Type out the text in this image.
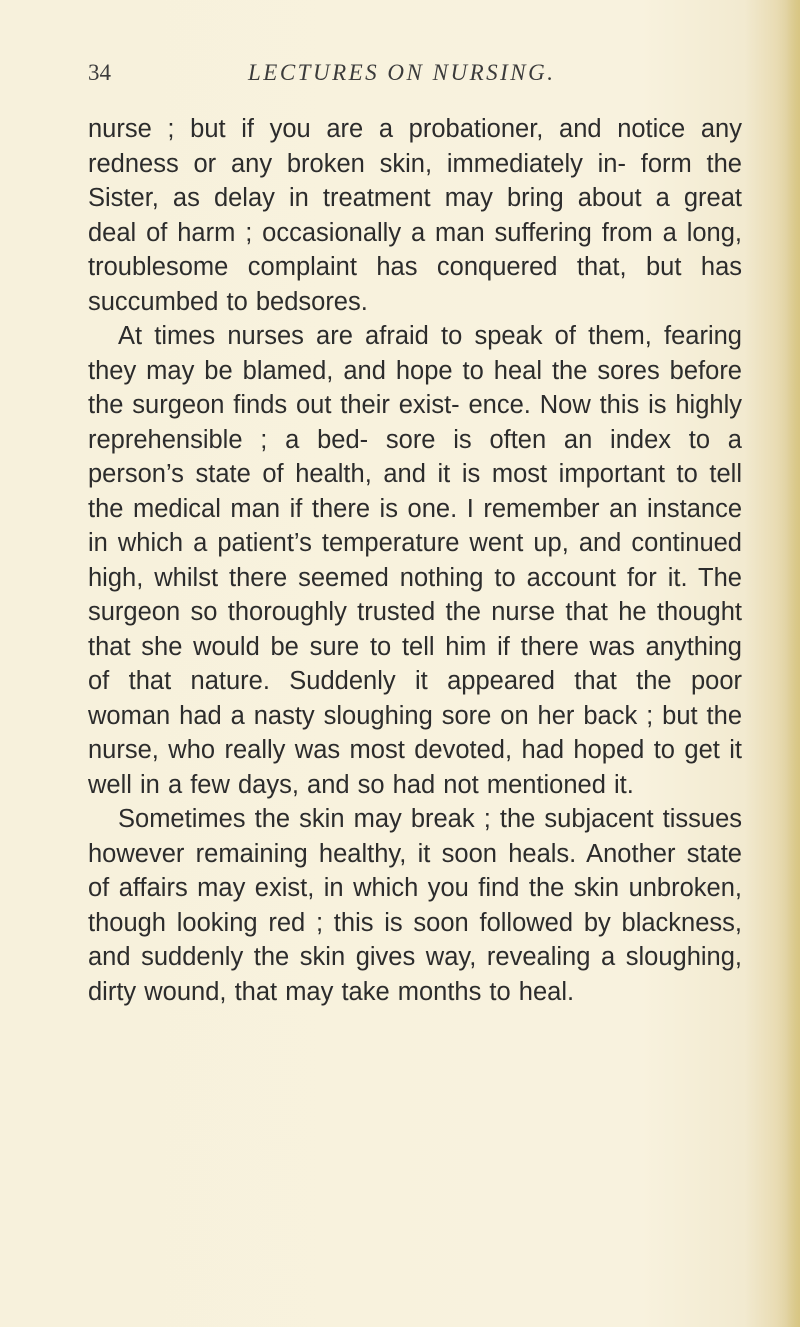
34	LECTURES ON NURSING.

nurse ; but if you are a probationer, and notice any redness or any broken skin, immediately in- form the Sister, as delay in treatment may bring about a great deal of harm ; occasionally a man suffering from a long, troublesome complaint has conquered that, but has succumbed to bedsores.

At times nurses are afraid to speak of them, fearing they may be blamed, and hope to heal the sores before the surgeon finds out their exist- ence. Now this is highly reprehensible ; a bed- sore is often an index to a person’s state of health, and it is most important to tell the medical man if there is one. I remember an instance in which a patient’s temperature went up, and continued high, whilst there seemed nothing to account for it. The surgeon so thoroughly trusted the nurse that he thought that she would be sure to tell him if there was anything of that nature. Suddenly it appeared that the poor woman had a nasty sloughing sore on her back ; but the nurse, who really was most devoted, had hoped to get it well in a few days, and so had not mentioned it.

Sometimes the skin may break ; the subjacent tissues however remaining healthy, it soon heals. Another state of affairs may exist, in which you find the skin unbroken, though looking red ; this is soon followed by blackness, and suddenly the skin gives way, revealing a sloughing, dirty wound, that may take months to heal.
